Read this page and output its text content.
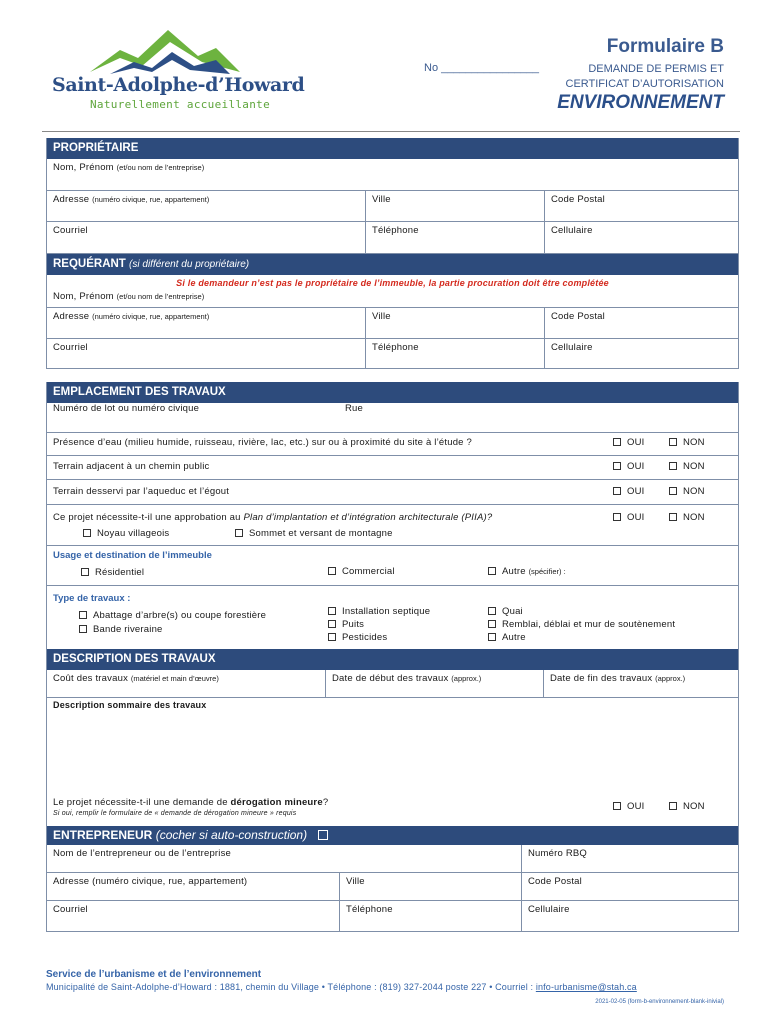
Saint-Adolphe-d’Howard
Naturellement accueillante
Formulaire B
No ________________	DEMANDE DE PERMIS ET
CERTIFICAT D’AUTORISATION
ENVIRONNEMENT
PROPRIÉTAIRE
Nom, Prénom (et/ou nom de l’entreprise)
Adresse (numéro civique, rue, appartement)	Ville	Code Postal
Courriel	Téléphone	Cellulaire
REQUÉRANT (si différent du propriétaire)
Si le demandeur n’est pas le propriétaire de l’immeuble, la partie procuration doit être complétée
Nom, Prénom (et/ou nom de l’entreprise)
Adresse (numéro civique, rue, appartement)	Ville	Code Postal
Courriel	Téléphone	Cellulaire
EMPLACEMENT DES TRAVAUX
Numéro de lot ou numéro civique	Rue
Présence d’eau (milieu humide, ruisseau, rivière, lac, etc.) sur ou à proximité du site à l’étude ?	OUI	NON
Terrain adjacent à un chemin public	OUI	NON
Terrain desservi par l’aqueduc et l’égout	OUI	NON
Ce projet nécessite-t-il une approbation au Plan d’implantation et d’intégration architecturale (PIIA)?	OUI	NON
Noyau villageois	Sommet et versant de montagne
Usage et destination de l’immeuble
Résidentiel	Commercial	Autre (spécifier) :
Type de travaux :
Abattage d’arbre(s) ou coupe forestière
Bande riveraine
Installation septique
Puits
Pesticides
Quai
Remblai, déblai et mur de soutènement
Autre
DESCRIPTION DES TRAVAUX
Coût des travaux (matériel et main d’œuvre)	Date de début des travaux (approx.)	Date de fin des travaux (approx.)
Description sommaire des travaux
Le projet nécessite-t-il une demande de dérogation mineure?
Si oui, remplir le formulaire de « demande de dérogation mineure » requis
OUI	NON
ENTREPRENEUR (cocher si auto-construction)
Nom de l’entrepreneur ou de l’entreprise	Numéro RBQ
Adresse (numéro civique, rue, appartement)	Ville	Code Postal
Courriel	Téléphone	Cellulaire
Service de l’urbanisme et de l’environnement
Municipalité de Saint-Adolphe-d’Howard : 1881, chemin du Village • Téléphone : (819) 327-2044 poste 227 • Courriel : info-urbanisme@stah.ca
2021-02-05 (form-b-environnement-blank-inivial)
